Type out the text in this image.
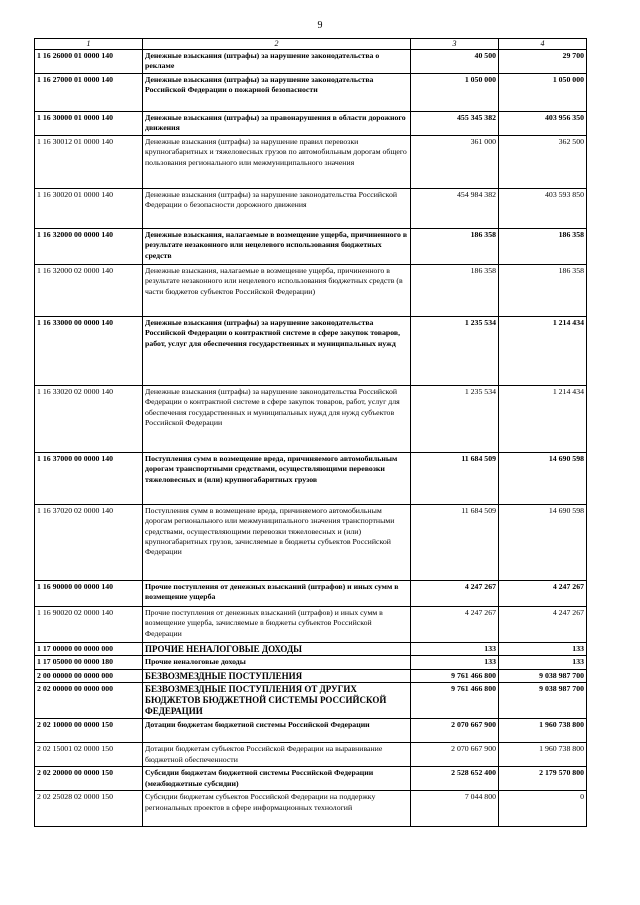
9
1	2	3	4
1 16 26000 01 0000 140	Денежные взыскания (штрафы) за нарушение законодательства о рекламе	40 500	29 700
1 16 27000 01 0000 140	Денежные взыскания (штрафы) за нарушение законодательства Российской Федерации о пожарной безопасности	1 050 000	1 050 000
1 16 30000 01 0000 140	Денежные взыскания (штрафы) за правонарушения в области дорожного движения	455 345 382	403 956 350
1 16 30012 01 0000 140	Денежные взыскания (штрафы) за нарушение правил перевозки крупногабаритных и тяжеловесных грузов по автомобильным дорогам общего пользования регионального или межмуниципального значения	361 000	362 500
1 16 30020 01 0000 140	Денежные взыскания (штрафы) за нарушение законодательства Российской Федерации о безопасности дорожного движения	454 984 382	403 593 850
1 16 32000 00 0000 140	Денежные взыскания, налагаемые в возмещение ущерба, причиненного в результате незаконного или нецелевого использования бюджетных средств	186 358	186 358
1 16 32000 02 0000 140	Денежные взыскания, налагаемые в возмещение ущерба, причиненного в результате незаконного или нецелевого использования бюджетных средств (в части бюджетов субъектов Российской Федерации)	186 358	186 358
1 16 33000 00 0000 140	Денежные взыскания (штрафы) за нарушение законодательства Российской Федерации о контрактной системе в сфере закупок товаров, работ, услуг для обеспечения государственных и муниципальных нужд	1 235 534	1 214 434
1 16 33020 02 0000 140	Денежные взыскания (штрафы) за нарушение законодательства Российской Федерации о контрактной системе в сфере закупок товаров, работ, услуг для обеспечения государственных и муниципальных нужд для нужд субъектов Российской Федерации	1 235 534	1 214 434
1 16 37000 00 0000 140	Поступления сумм в возмещение вреда, причиняемого автомобильным дорогам транспортными средствами, осуществляющими перевозки тяжеловесных и (или) крупногабаритных грузов	11 684 509	14 690 598
1 16 37020 02 0000 140	Поступления сумм в возмещение вреда, причиняемого автомобильным дорогам регионального или межмуниципального значения транспортными средствами, осуществляющими перевозки тяжеловесных и (или) крупногабаритных грузов, зачисляемые в бюджеты субъектов Российской Федерации	11 684 509	14 690 598
1 16 90000 00 0000 140	Прочие поступления от денежных взысканий (штрафов) и иных сумм в возмещение ущерба	4 247 267	4 247 267
1 16 90020 02 0000 140	Прочие поступления от денежных взысканий (штрафов) и иных сумм в возмещение ущерба, зачисляемые в бюджеты субъектов Российской Федерации	4 247 267	4 247 267
1 17 00000 00 0000 000	ПРОЧИЕ НЕНАЛОГОВЫЕ ДОХОДЫ	133	133
1 17 05000 00 0000 180	Прочие неналоговые доходы	133	133
2 00 00000 00 0000 000	БЕЗВОЗМЕЗДНЫЕ ПОСТУПЛЕНИЯ	9 761 466 800	9 038 987 700
2 02 00000 00 0000 000	БЕЗВОЗМЕЗДНЫЕ ПОСТУПЛЕНИЯ ОТ ДРУГИХ БЮДЖЕТОВ БЮДЖЕТНОЙ СИСТЕМЫ РОССИЙСКОЙ ФЕДЕРАЦИИ	9 761 466 800	9 038 987 700
2 02 10000 00 0000 150	Дотации бюджетам бюджетной системы Российской Федерации	2 070 667 900	1 960 738 800
2 02 15001 02 0000 150	Дотации бюджетам субъектов Российской Федерации на выравнивание бюджетной обеспеченности	2 070 667 900	1 960 738 800
2 02 20000 00 0000 150	Субсидии бюджетам бюджетной системы Российской Федерации (межбюджетные субсидии)	2 528 652 400	2 179 570 800
2 02 25028 02 0000 150	Субсидии бюджетам субъектов Российской Федерации на поддержку региональных проектов в сфере информационных технологий	7 044 800	0
